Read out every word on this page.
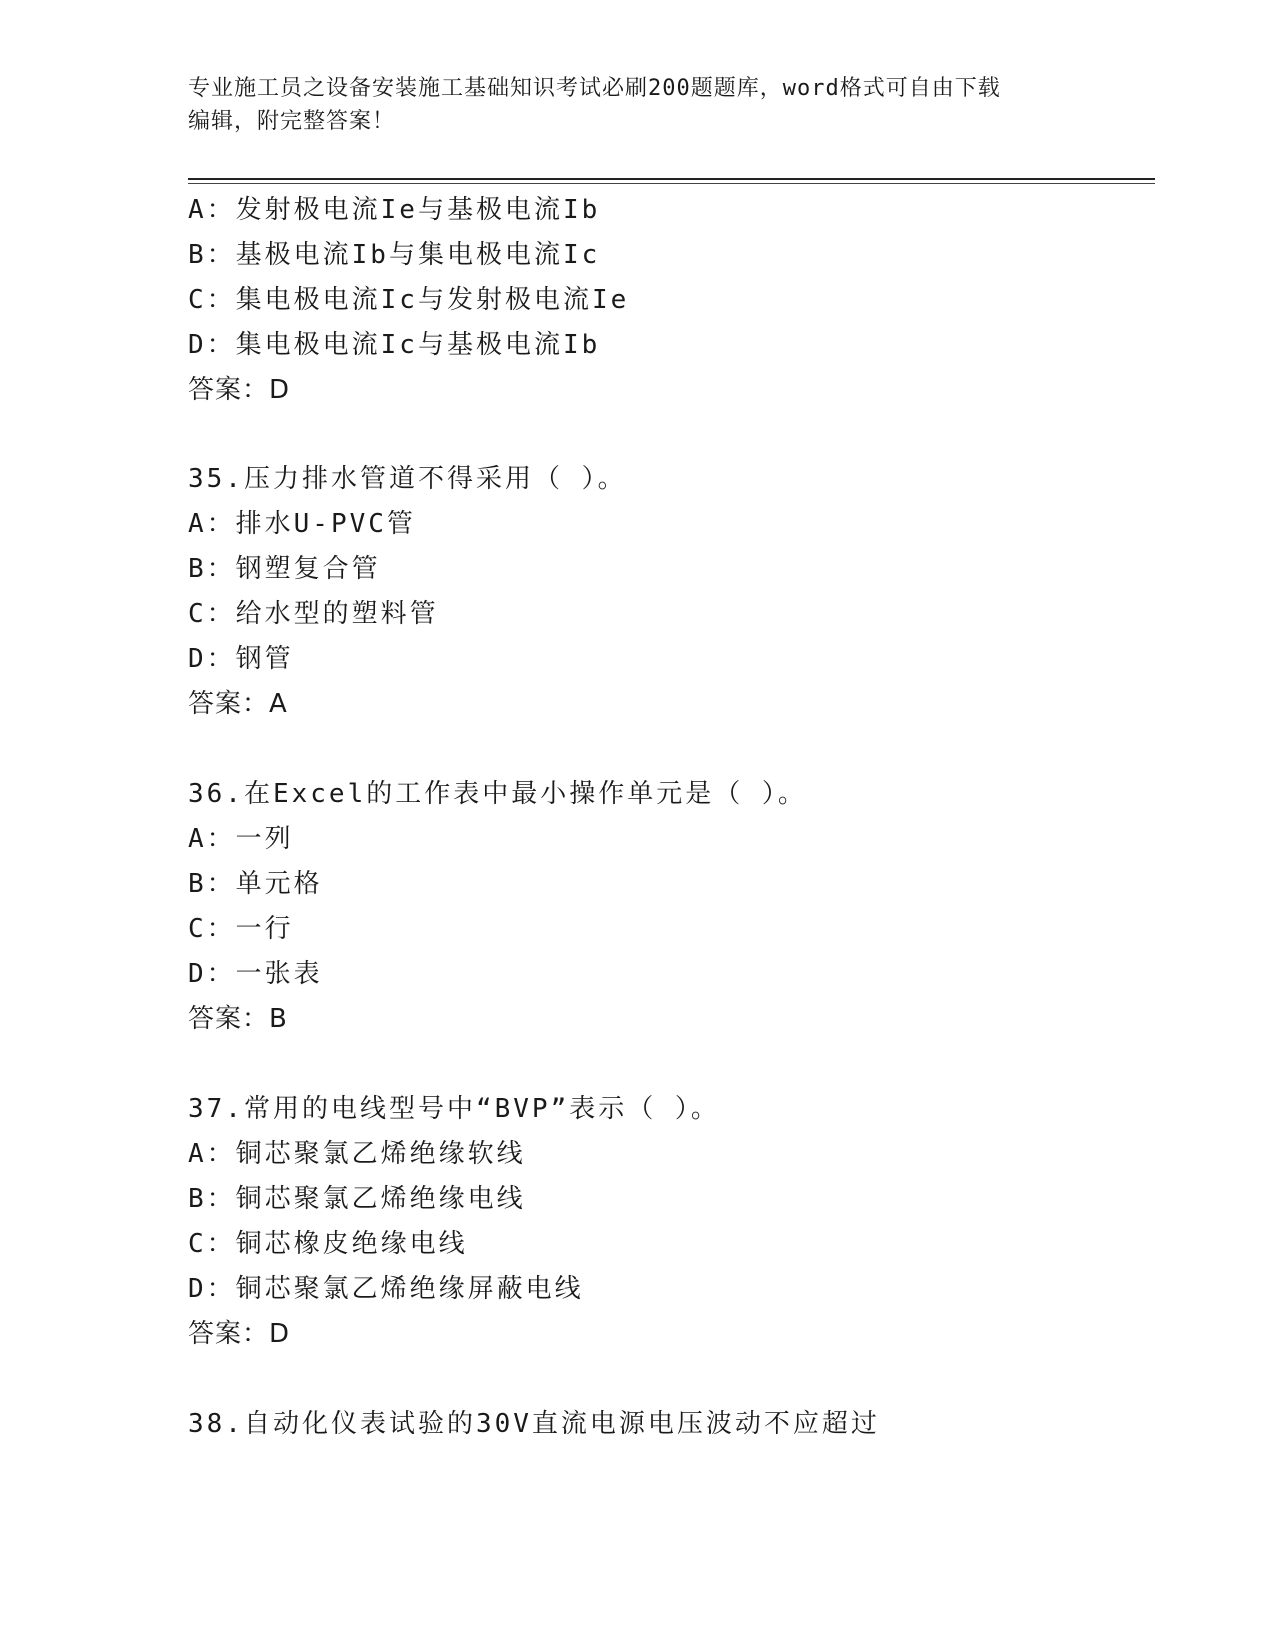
专业施工员之设备安装施工基础知识考试必刷200题题库，word格式可自由下载
编辑，附完整答案！
A：发射极电流Ie与基极电流Ib
B：基极电流Ib与集电极电流Ic
C：集电极电流Ic与发射极电流Ie
D：集电极电流Ic与基极电流Ib
答案：D
35.压力排水管道不得采用（ ）。
A：排水U-PVC管
B：钢塑复合管
C：给水型的塑料管
D：钢管
答案：A
36.在Excel的工作表中最小操作单元是（ ）。
A：一列
B：单元格
C：一行
D：一张表
答案：B
37.常用的电线型号中“BVP”表示（ ）。
A：铜芯聚氯乙烯绝缘软线
B：铜芯聚氯乙烯绝缘电线
C：铜芯橡皮绝缘电线
D：铜芯聚氯乙烯绝缘屏蔽电线
答案：D
38.自动化仪表试验的30V直流电源电压波动不应超过
